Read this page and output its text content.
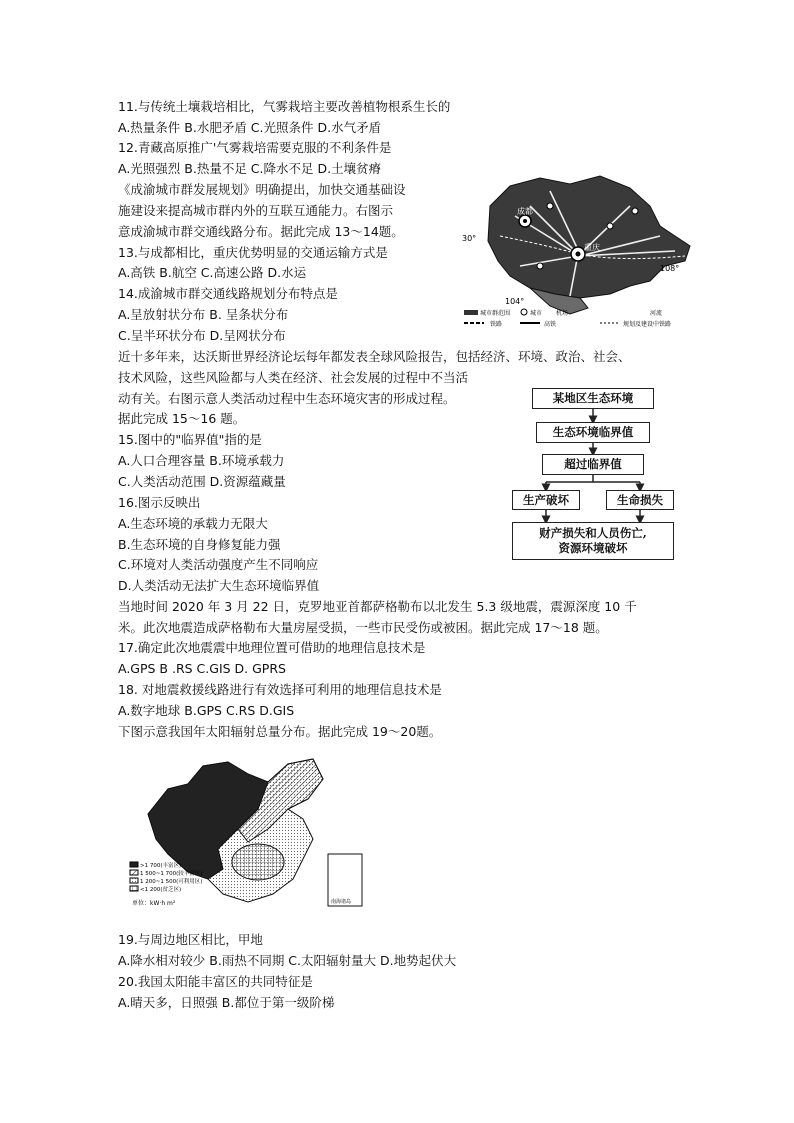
11.与传统土壤栽培相比，气雾栽培主要改善植物根系生长的
A.热量条件 B.水肥矛盾 C.光照条件 D.水气矛盾
12.青藏高原推广'气雾栽培需要克服的不利条件是
A.光照强烈 B.热量不足 C.降水不足 D.土壤贫瘠
《成渝城市群发展规划》明确提出，加快交通基础设
施建设来提高城市群内外的互联互通能力。右图示
意成渝城市群交通线路分布。据此完成 13～14题。
13.与成都相比，重庆优势明显的交通运输方式是
A.高铁 B.航空 C.高速公路 D.水运
14.成渝城市群交通线路规划分布特点是
A.呈放射状分布 B. 呈条状分布
C.呈半环状分布 D.呈网状分布
成都
重庆
30°
108°
104°
城市群范围	城市 机场	河流
铁路	高铁	规划及建设中铁路
近十多年来，达沃斯世界经济论坛每年都发表全球风险报告，包括经济、环境、政治、社会、
技术风险，这些风险都与人类在经济、社会发展的过程中不当活
动有关。右图示意人类活动过程中生态环境灾害的形成过程。
据此完成 15～16 题。
15.图中的"临界值"指的是
A.人口合理容量 B.环境承载力
C.人类活动范围 D.资源蕴藏量
16.图示反映出
A.生态环境的承载力无限大
B.生态环境的自身修复能力强
C.环境对人类活动强度产生不同响应
D.人类活动无法扩大生态环境临界值
某地区生态环境
生态环境临界值
超过临界值
生产破坏	生命损失
财产损失和人员伤亡,
资源环境破坏
当地时间 2020 年 3 月 22 日，克罗地亚首都萨格勒布以北发生 5.3 级地震，震源深度 10 千
米。此次地震造成萨格勒布大量房屋受损，一些市民受伤或被困。据此完成 17～18 题。
17.确定此次地震震中地理位置可借助的地理信息技术是
A.GPS B .RS C.GIS D. GPRS
18. 对地震救援线路进行有效选择可利用的地理信息技术是
A.数字地球 B.GPS C.RS D.GIS
下图示意我国年太阳辐射总量分布。据此完成 19～20题。
南海诸岛
>1 700(丰富区)
1 500~1 700(较丰富区)
1 200~1 500(可利用区)
<1 200(贫乏区)
单位：kW·h m²
19.与周边地区相比，甲地
A.降水相对较少 B.雨热不同期 C.太阳辐射量大 D.地势起伏大
20.我国太阳能丰富区的共同特征是
A.晴天多，日照强 B.都位于第一级阶梯
